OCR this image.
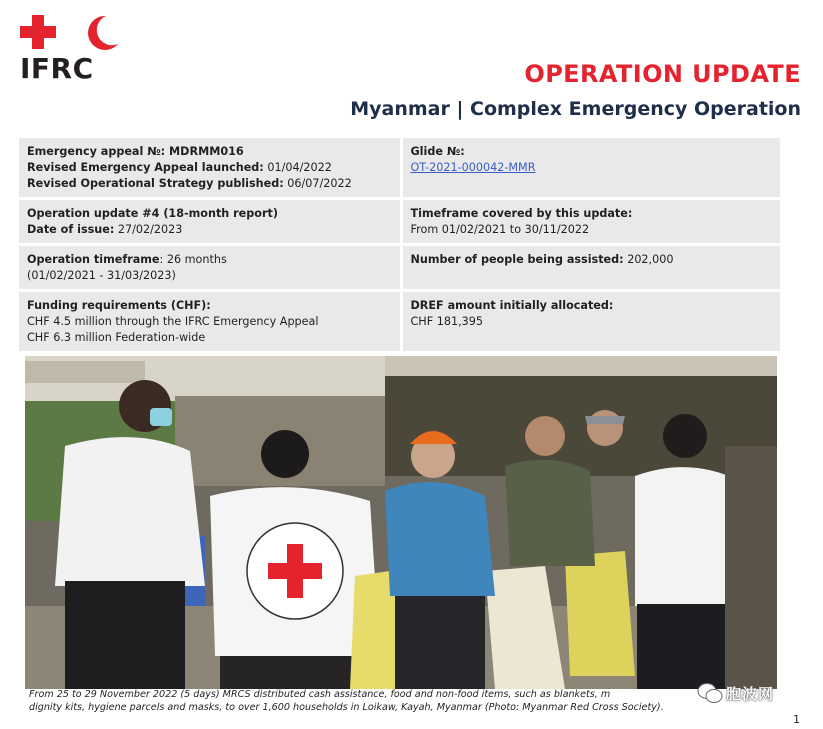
IFRC	OPERATION UPDATE
Myanmar | Complex Emergency Operation
Emergency appeal №: MDRMM016
Revised Emergency Appeal launched: 01/04/2022
Revised Operational Strategy published: 06/07/2022
Glide №:
OT-2021-000042-MMR
Operation update #4 (18-month report)
Date of issue: 27/02/2023
Timeframe covered by this update:
From 01/02/2021 to 30/11/2022
Operation timeframe: 26 months
(01/02/2021 - 31/03/2023)
Number of people being assisted: 202,000
Funding requirements (CHF):
CHF 4.5 million through the IFRC Emergency Appeal
CHF 6.3 million Federation-wide
DREF amount initially allocated:
CHF 181,395
From 25 to 29 November 2022 (5 days) MRCS distributed cash assistance, food and non-food items, such as blankets, m
dignity kits, hygiene parcels and masks, to over 1,600 households in Loikaw, Kayah, Myanmar (Photo: Myanmar Red Cross Society).
胞波网
1
